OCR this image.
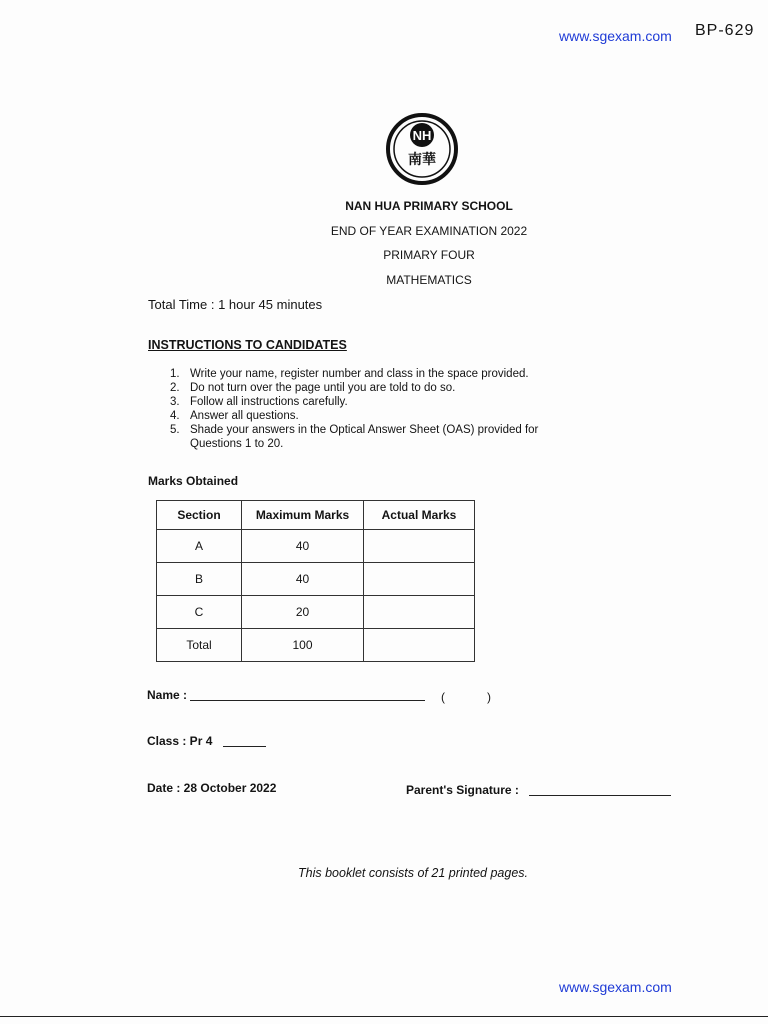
www.sgexam.com BP-629
NH
南華
NAN HUA PRIMARY SCHOOL
END OF YEAR EXAMINATION 2022
PRIMARY FOUR
MATHEMATICS
Total Time : 1 hour 45 minutes
INSTRUCTIONS TO CANDIDATES
1. Write your name, register number and class in the space provided.
2. Do not turn over the page until you are told to do so.
3. Follow all instructions carefully.
4. Answer all questions.
5. Shade your answers in the Optical Answer Sheet (OAS) provided for Questions 1 to 20.
Marks Obtained
Section	Maximum Marks	Actual Marks
A	40	
B	40	
C	20	
Total	100	
Name :	(	)
Class : Pr 4
Date : 28 October 2022	Parent's Signature :
This booklet consists of 21 printed pages.
www.sgexam.com
